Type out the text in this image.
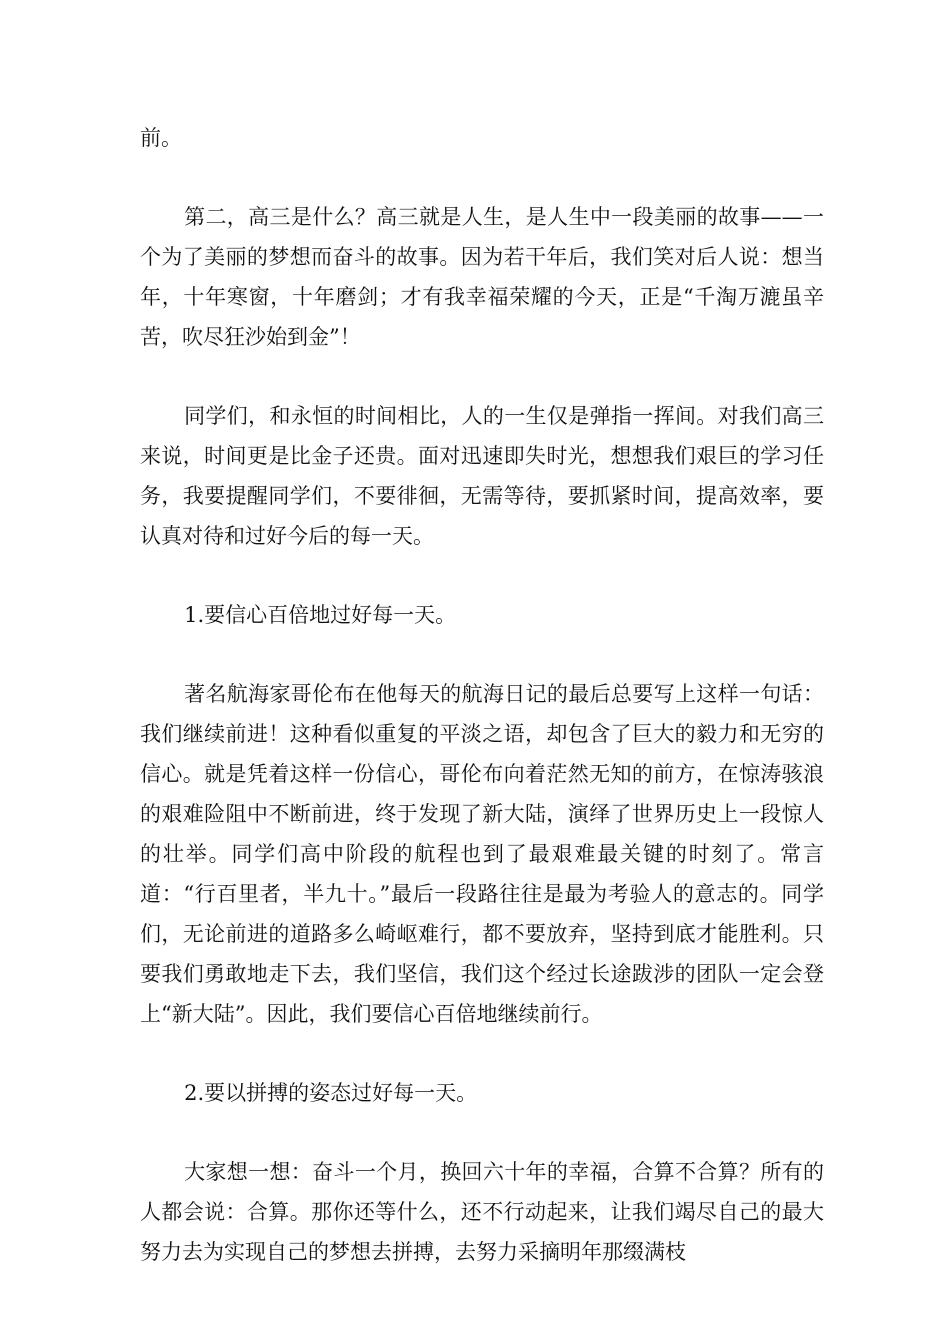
前。

第二，高三是什么？高三就是人生，是人生中一段美丽的故事——一个为了美丽的梦想而奋斗的故事。因为若干年后，我们笑对后人说：想当年，十年寒窗，十年磨剑；才有我幸福荣耀的今天，正是“千淘万漉虽辛苦，吹尽狂沙始到金”！

同学们，和永恒的时间相比，人的一生仅是弹指一挥间。对我们高三来说，时间更是比金子还贵。面对迅速即失时光，想想我们艰巨的学习任务，我要提醒同学们，不要徘徊，无需等待，要抓紧时间，提高效率，要认真对待和过好今后的每一天。

1.要信心百倍地过好每一天。

著名航海家哥伦布在他每天的航海日记的最后总要写上这样一句话：我们继续前进！这种看似重复的平淡之语，却包含了巨大的毅力和无穷的信心。就是凭着这样一份信心，哥伦布向着茫然无知的前方，在惊涛骇浪的艰难险阻中不断前进，终于发现了新大陆，演绎了世界历史上一段惊人的壮举。同学们高中阶段的航程也到了最艰难最关键的时刻了。常言道：“行百里者，半九十。”最后一段路往往是最为考验人的意志的。同学们，无论前进的道路多么崎岖难行，都不要放弃，坚持到底才能胜利。只要我们勇敢地走下去，我们坚信，我们这个经过长途跋涉的团队一定会登上“新大陆”。因此，我们要信心百倍地继续前行。

2.要以拼搏的姿态过好每一天。

大家想一想：奋斗一个月，换回六十年的幸福，合算不合算？所有的人都会说：合算。那你还等什么，还不行动起来，让我们竭尽自己的最大努力去为实现自己的梦想去拼搏，去努力采摘明年那缀满枝
